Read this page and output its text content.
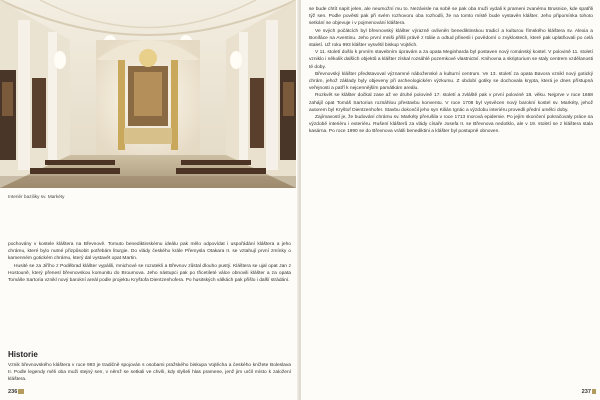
Interiér baziliky sv. Markéty

pochovány v kostele kláštera na Břevnově. Tomuto benediktinskému ideálu pak mělo odpovídat i uspořádání kláštera a jeho chrámu, které bylo nutné přizpůsobit potřebám liturgie. Do vlády českého krále Přemysla Otakara II. se vztahují první zmínky o kamenném gotickém chrámu, který dal vystavět opat Martin.

Husité se za Jiřího z Poděbrad klášter vypálili, mnichové se rozutekli a Břevnov zůstal dlouho pustý. Kláštera se ujal opat Jan z Hostouně, který přenesl břevnovskou komunitu do Broumova. Jeho nástupci pak po třicetileté válce obnovili klášter a za opata Tomáše Sartoria vznikl nový barokní areál podle projektu Kryštofa Dientzenhofera. Po husitských válkách pak přišlo i další strádání.

Historie

Vznik břevnovského kláštera v roce 993 je tradičně spojován s osobami pražského biskupa Vojtěcha a českého knížete Boleslava II. Podle legendy měli oba muži stejný sen, v němž se setkali ve chvíli, kdy slyšeli hlas pramene, jenž jim určil místo k založení kláštera.

236

se bude chtít napít jelen, ale neumožní mu to. Nezávisle na sobě se pak oba muži vydali k prameni zvanému Brusnice, kde spatřili týž sen. Podle pověsti pak při svém rozhovoru oba rozhodli, že na tomto místě bude vystavěn klášter. Jeho připomínka tohoto setkání se objevuje i v pojmenování kláštera.

Ve svých počátcích byl břevnovský klášter výrazně ovlivněn benediktinskou tradicí a kulturou římského kláštera sv. Alexia a Bonifáce na Aventinu. Jeho první mniši přišli právě z Itálie a odtud přinesli i povědomí o zvyklostech, které pak uplatňovali po celá staletí. Už roku 993 klášter vysvětil biskup Vojtěch.

V 11. století došlo k prvním stavebním úpravám a za opata Meginharda byl postaven nový románský kostel. V polovině 11. století vzniklo i několik dalších objektů a klášter získal rozsáhlé pozemkové vlastnictví. Knihovna a skriptorium se staly centrem vzdělanosti té doby.

Břevnovský klášter představoval významné náboženské a kulturní centrum. Ve 13. století za opata Bavora vznikl nový gotický chrám, jehož základy byly objeveny při archeologickém výzkumu. Z období gotiky se dochovala krypta, která je dnes přístupná veřejnosti a patří k nejcennějším památkám areálu.

Rozkvět se klášter dočkal zase až ve druhé polovině 17. století a zvláště pak v první polovině 18. věku. Nejprve v roce 1668 zahájil opat Tomáš Sartorius rozsáhlou přestavbu konventu. V roce 1708 byl vysvěcen nový barokní kostel sv. Markéty, jehož autorem byl Kryštof Dientzenhofer. Stavbu dokončil jeho syn Kilián Ignác a výzdobu interiéru provedli přední umělci doby.

Zajímavostí je, že budování chrámu sv. Markéty přerušila v roce 1713 morová epidemie. Po jejím skončení pokračovaly práce na výzdobě interiéru i exteriéru. Rušení klášterů za vlády císaře Josefa II. se Břevnova nedotklo, ale v 19. století se z kláštera stala kasárna. Po roce 1990 se do Břevnova vrátili benediktini a klášter byl postupně obnoven.

237
